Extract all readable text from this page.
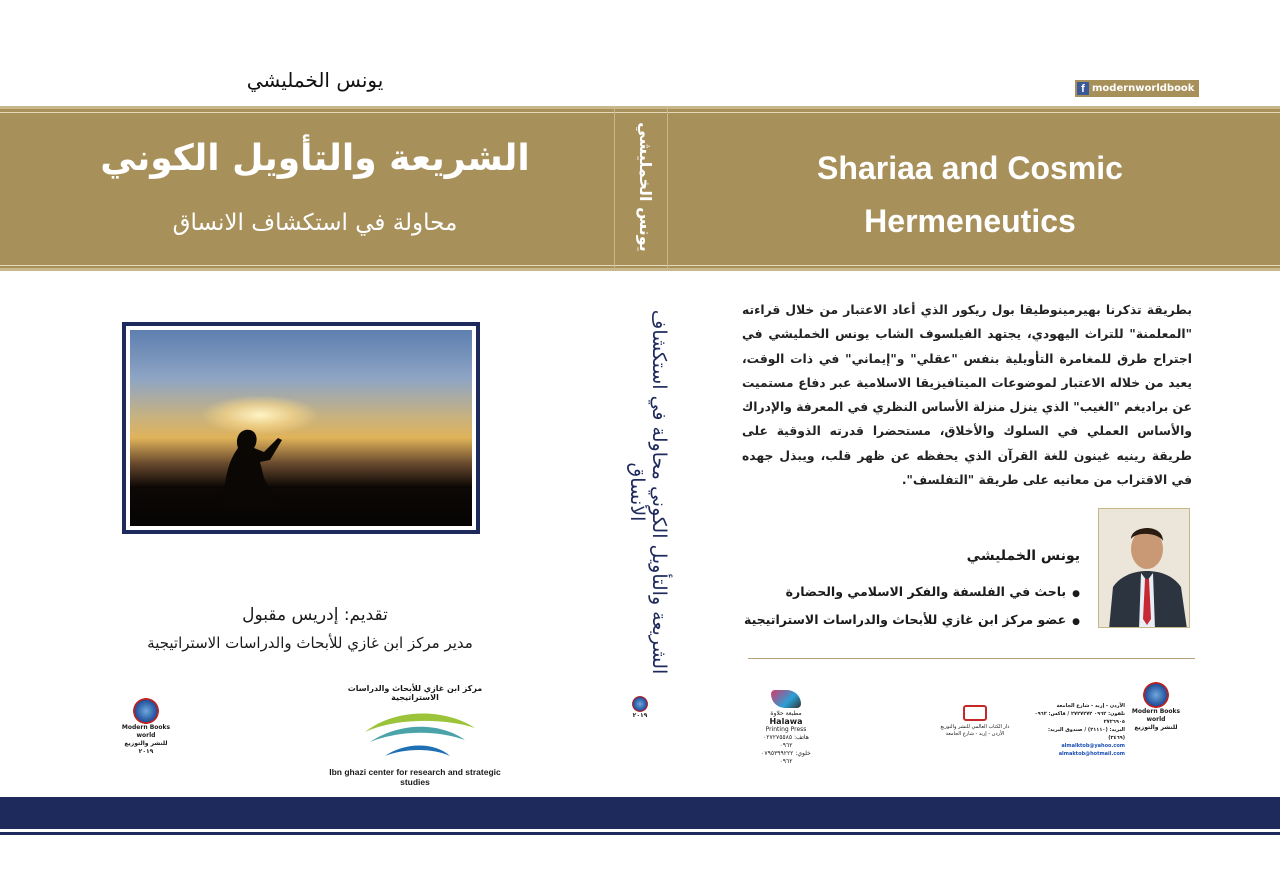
يونس الخمليشي	f modernworldbook
الشريعة والتأويل الكوني
محاولة في استكشاف الانساق	يونس الخمليشي	Shariaa and Cosmic
Hermeneutics
الشريعة والتأويل الكوني محاولة في استكشاف الأنساق
٢٠١٩
بطريقة تذكرنا بهيرمينوطيقا بول ريكور الذي أعاد الاعتبار من خلال قراءته "المعلمنة" للتراث اليهودي، يجتهد الفيلسوف الشاب يونس الخمليشي في اجتراح طرق للمغامرة التأويلية بنفس "عقلي" و"إيماني" في ذات الوقت، يعيد من خلاله الاعتبار لموضوعات الميتافيزيقا الاسلامية عبر دفاع مستميت عن براديغم "الغيب" الذي ينزل منزلة الأساس النظري في المعرفة والإدراك والأساس العملي في السلوك والأخلاق، مستحضرا قدرته الذوقية على طريقة رينيه غينون للغة القرآن الذي يحفظه عن ظهر قلب، ويبذل جهده في الاقتراب من معانيه على طريقة "التفلسف".
يونس الخمليشي
● باحث في الفلسفة والفكر الاسلامي والحضارة
● عضو مركز ابن غازي للأبحاث والدراسات الاستراتيجية
تقديم: إدريس مقبول
مدير مركز ابن غازي للأبحاث والدراسات الاستراتيجية
مركز ابن غازي للأبحاث والدراسات الاستراتيجية
Ibn ghazi center for research and strategic studies
Modern Books world
للنشر والتوزيع
٢٠١٩
مطبعة حلاوة
Halawa
Printing Press
هاتف: ٠٢٧٢٧٥٥٨٥ ٠٩٦٢
خلوي: ٠٧٩٥٣٩٩٢٢٢ ٠٩٦٢
دار الكتاب العالمي للنشر والتوزيع
الأردن - إربد - شارع الجامعة
الأردن - إربد - شارع الجامعة
تلفون: ٠٩٦٢ ٢٧٢٧٢٧٢ / فاكس: ٠٩٦٢ ٢٧٢٦٩٠٥
البريد: (٢١١١٠) / صندوق البريد: (٣٤٦٩)
almalktob@yahoo.com
almaktob@hotmail.com
Modern Books world
للنشر والتوزيع
